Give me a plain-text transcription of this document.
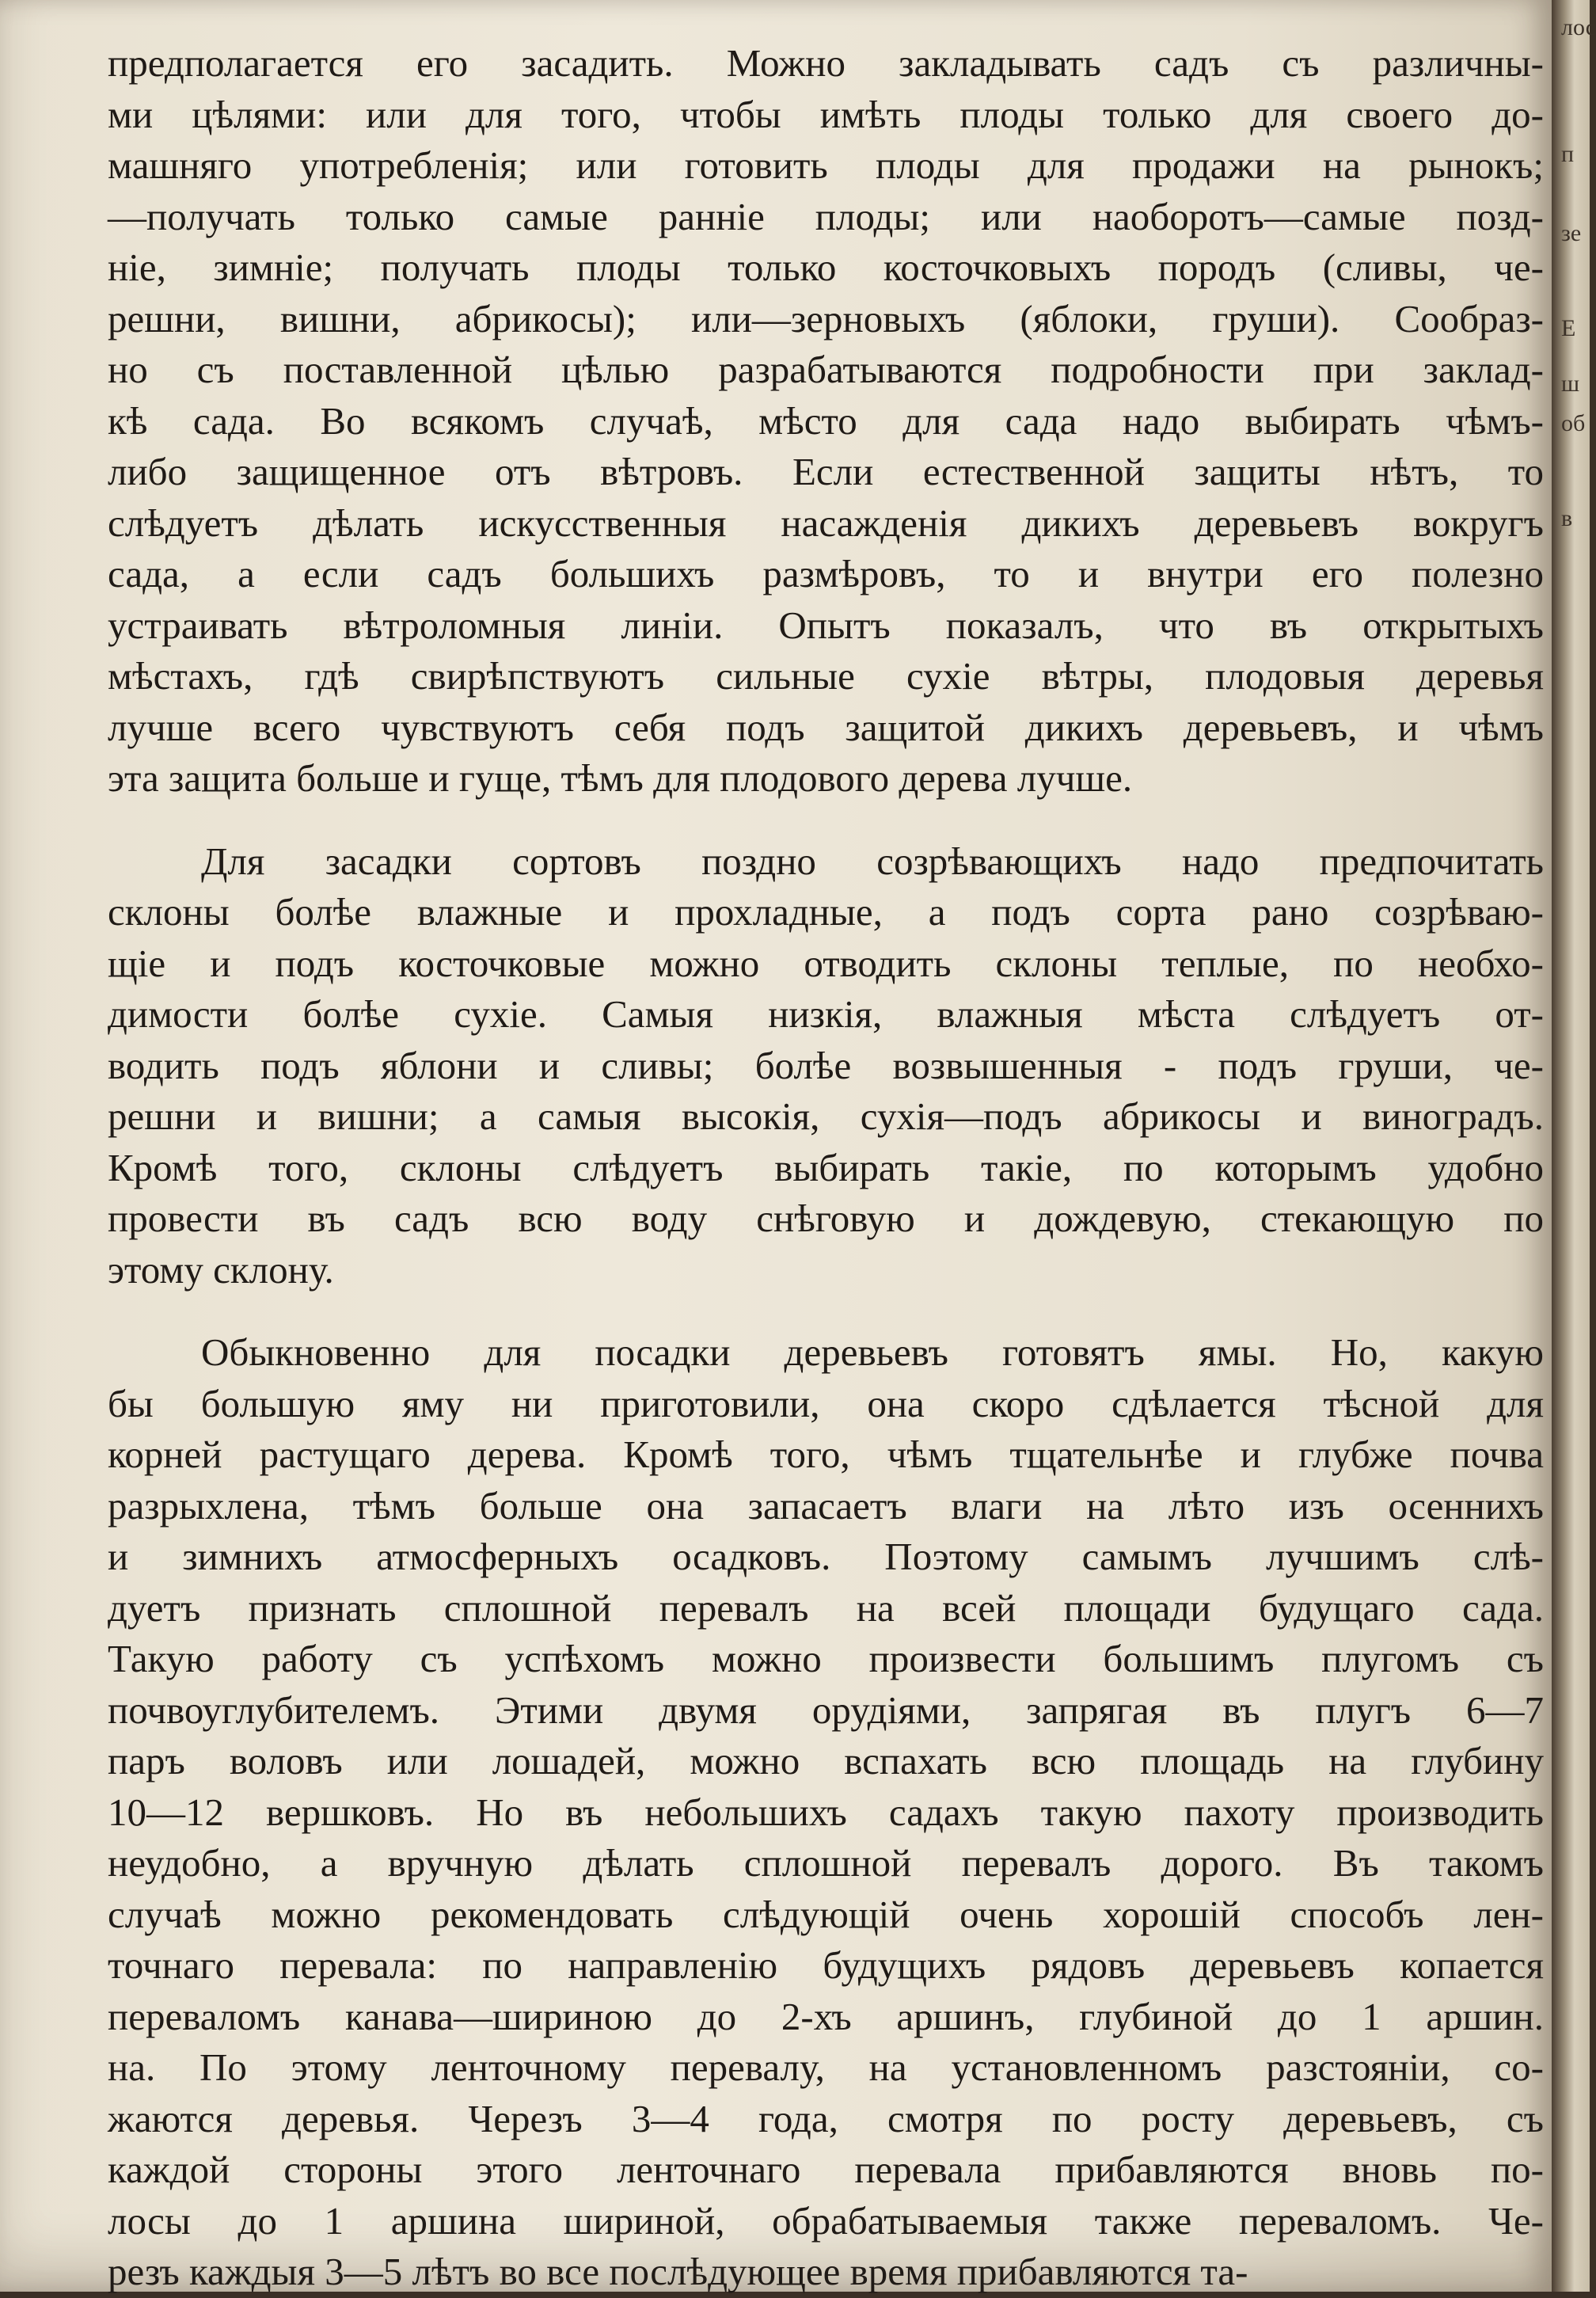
предполагается его засадить. Можно закладывать садъ съ различны-
ми цѣлями: или для того, чтобы имѣть плоды только для своего до-
машняго употребленія; или готовить плоды для продажи на рынокъ;
—получать только самые ранніе плоды; или наоборотъ—самые позд-
ніе, зимніе; получать плоды только косточковыхъ породъ (сливы, че-
решни, вишни, абрикосы); или—зерновыхъ (яблоки, груши). Сообраз-
но съ поставленной цѣлью разрабатываются подробности при заклад-
кѣ сада. Во всякомъ случаѣ, мѣсто для сада надо выбирать чѣмъ-
либо защищенное отъ вѣтровъ. Если естественной защиты нѣтъ, то
слѣдуетъ дѣлать искусственныя насажденія дикихъ деревьевъ вокругъ
сада, а если садъ большихъ размѣровъ, то и внутри его полезно
устраивать вѣтроломныя линіи. Опытъ показалъ, что въ открытыхъ
мѣстахъ, гдѣ свирѣпствуютъ сильные сухіе вѣтры, плодовыя деревья
лучше всего чувствуютъ себя подъ защитой дикихъ деревьевъ, и чѣмъ
эта защита больше и гуще, тѣмъ для плодового дерева лучше.
Для засадки сортовъ поздно созрѣвающихъ надо предпочитать
склоны болѣе влажные и прохладные, а подъ сорта рано созрѣваю-
щіе и подъ косточковые можно отводить склоны теплые, по необхо-
димости болѣе сухіе. Самыя низкія, влажныя мѣста слѣдуетъ от-
водить подъ яблони и сливы; болѣе возвышенныя - подъ груши, че-
решни и вишни; а самыя высокія, сухія—подъ абрикосы и виноградъ.
Кромѣ того, склоны слѣдуетъ выбирать такіе, по которымъ удобно
провести въ садъ всю воду снѣговую и дождевую, стекающую по
этому склону.
Обыкновенно для посадки деревьевъ готовятъ ямы. Но, какую
бы большую яму ни приготовили, она скоро сдѣлается тѣсной для
корней растущаго дерева. Кромѣ того, чѣмъ тщательнѣе и глубже почва
разрыхлена, тѣмъ больше она запасаетъ влаги на лѣто изъ осеннихъ
и зимнихъ атмосферныхъ осадковъ. Поэтому самымъ лучшимъ слѣ-
дуетъ признать сплошной перевалъ на всей площади будущаго сада.
Такую работу съ успѣхомъ можно произвести большимъ плугомъ съ
почвоуглубителемъ. Этими двумя орудіями, запрягая въ плугъ 6—7
паръ воловъ или лошадей, можно вспахать всю площадь на глубину
10—12 вершковъ. Но въ небольшихъ садахъ такую пахоту производить
неудобно, а вручную дѣлать сплошной перевалъ дорого. Въ такомъ
случаѣ можно рекомендовать слѣдующій очень хорошій способъ лен-
точнаго перевала: по направленію будущихъ рядовъ деревьевъ копается
переваломъ канава—шириною до 2-хъ аршинъ, глубиной до 1 аршин.
на. По этому ленточному перевалу, на установленномъ разстояніи, со-
жаются деревья. Черезъ 3—4 года, смотря по росту деревьевъ, съ
каждой стороны этого ленточнаго перевала прибавляются вновь по-
лосы до 1 аршина шириной, обрабатываемыя также переваломъ. Че-
резъ каждыя 3—5 лѣтъ во все послѣдующее время прибавляются та-
лос
п
зе
Е
ш
об
в
